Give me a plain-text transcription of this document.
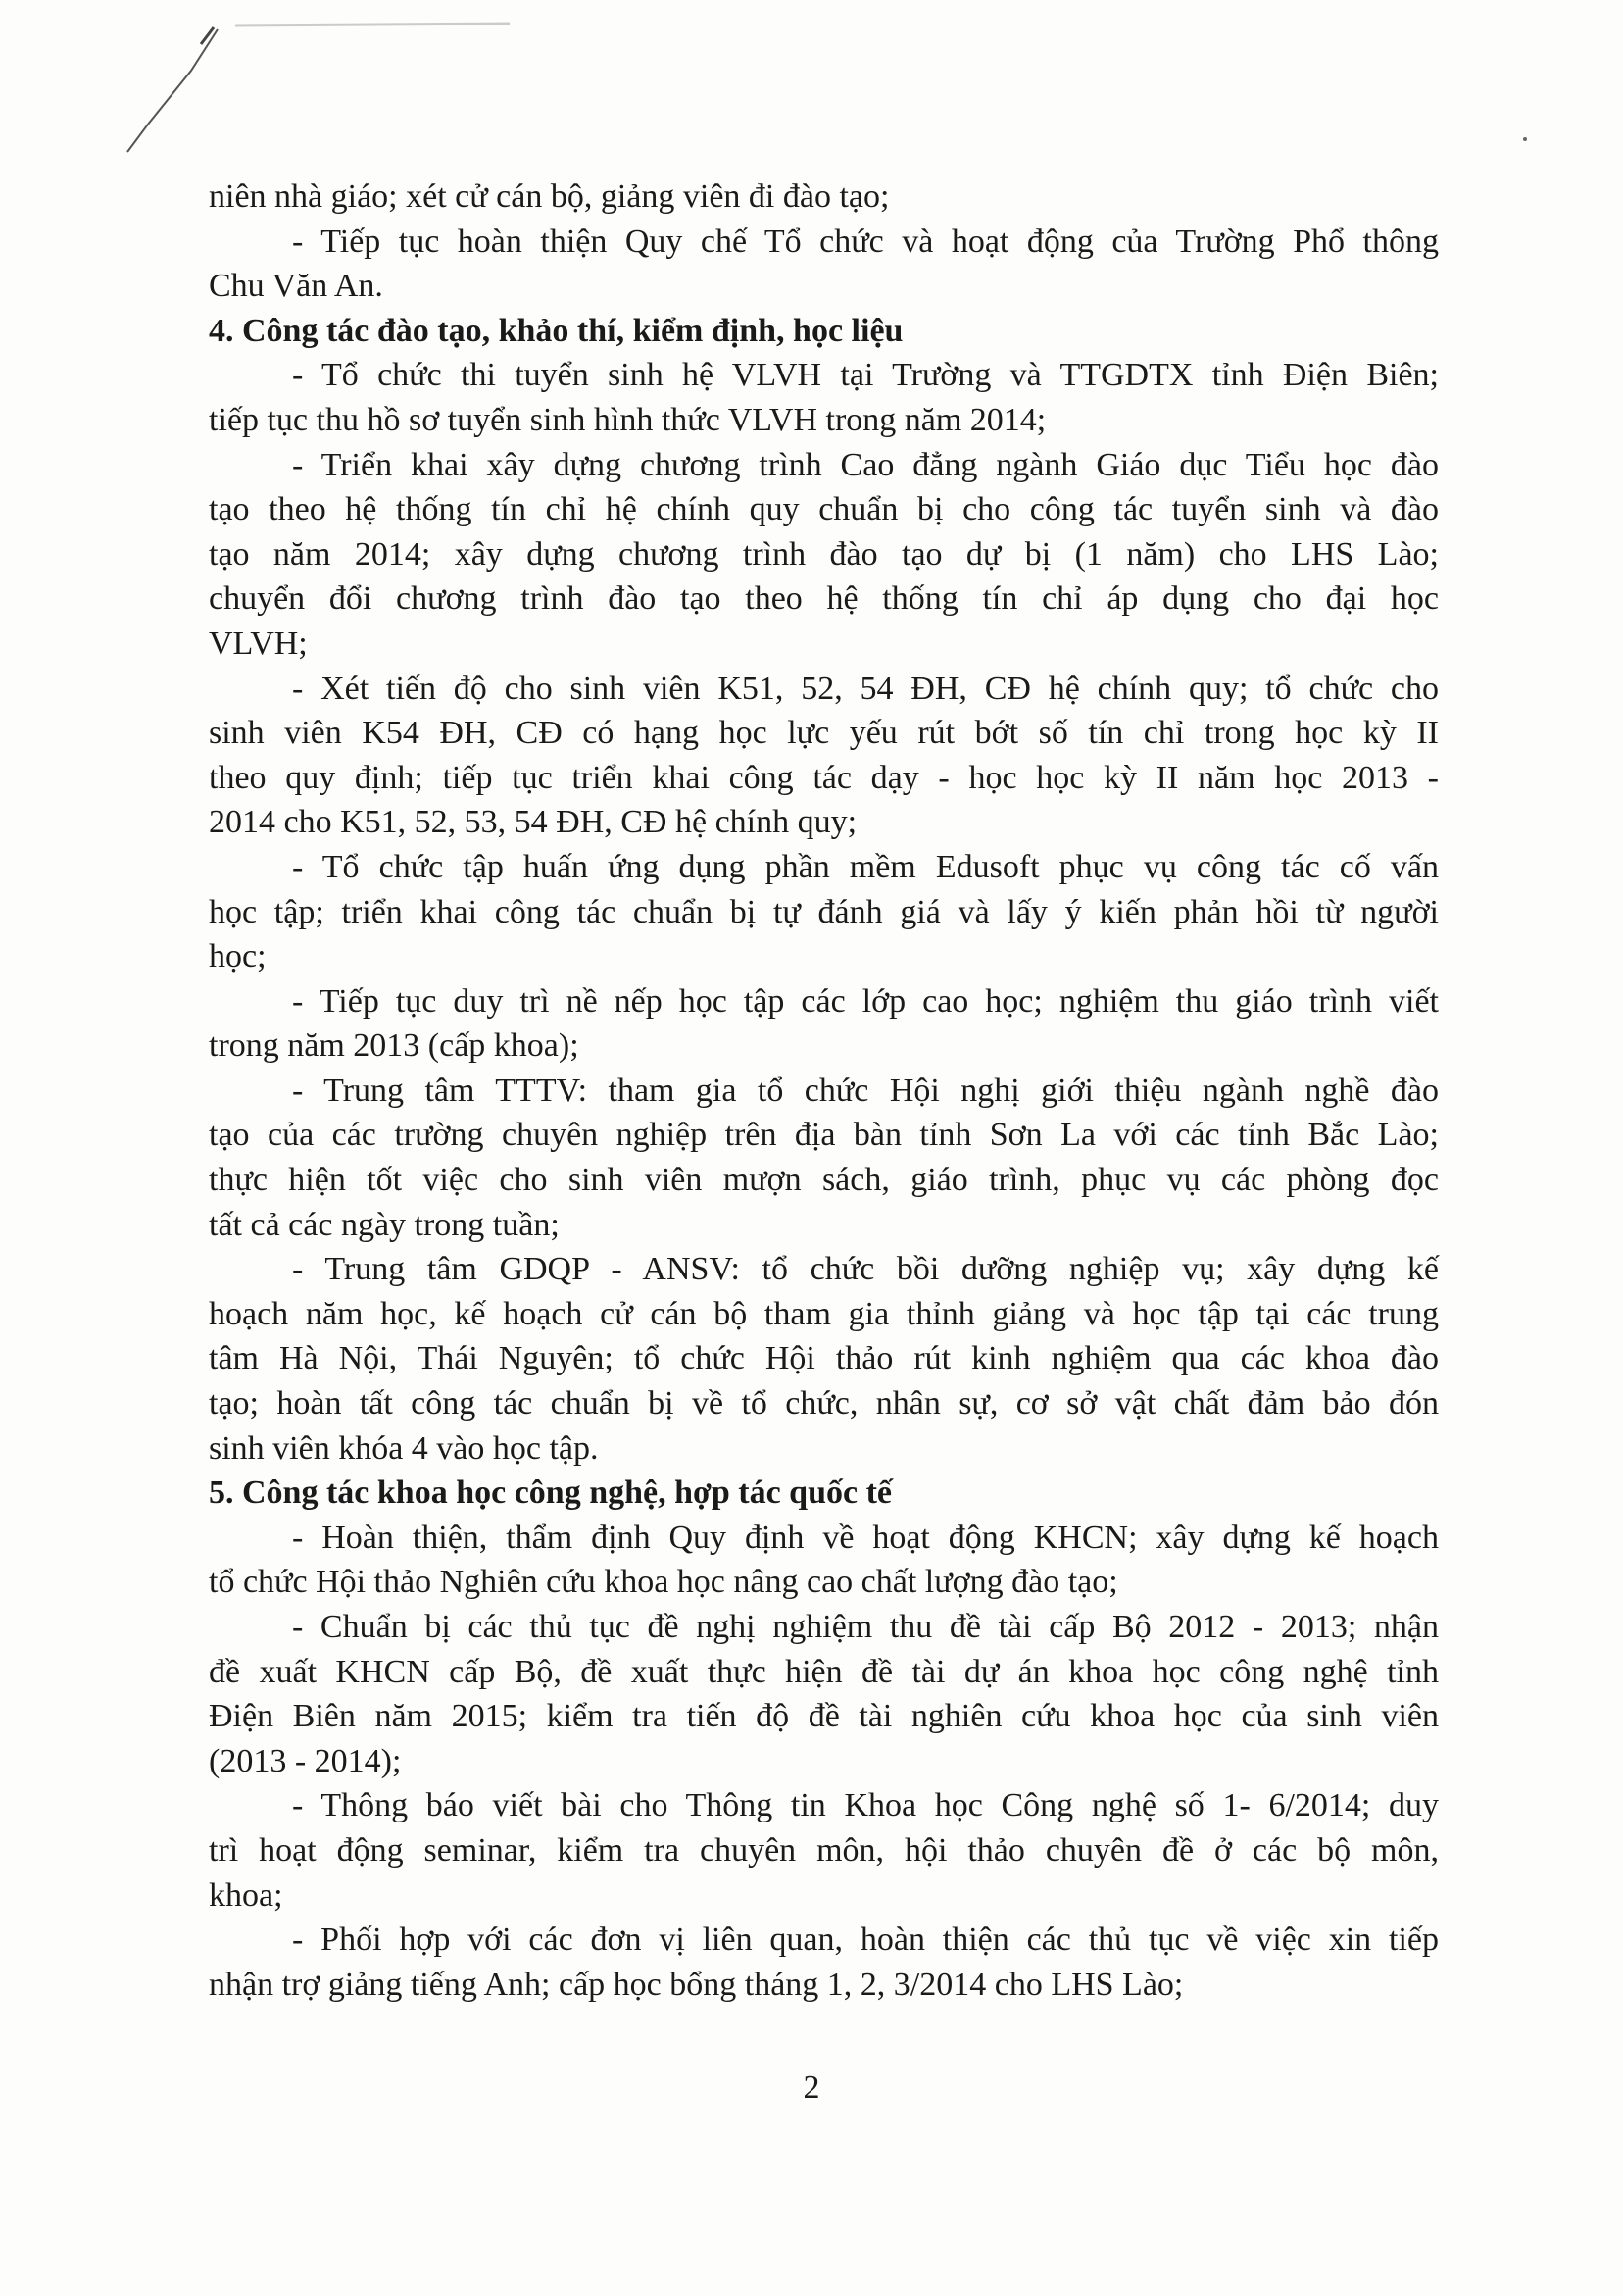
niên nhà giáo; xét cử cán bộ, giảng viên đi đào tạo;
- Tiếp tục hoàn thiện Quy chế Tổ chức và hoạt động của Trường Phổ thông
Chu Văn An.
4. Công tác đào tạo, khảo thí, kiểm định, học liệu
- Tổ chức thi tuyển sinh hệ VLVH tại Trường và TTGDTX tỉnh Điện Biên;
tiếp tục thu hồ sơ tuyển sinh hình thức VLVH trong năm 2014;
- Triển khai xây dựng chương trình Cao đẳng ngành Giáo dục Tiểu học đào
tạo theo hệ thống tín chỉ hệ chính quy chuẩn bị cho công tác tuyển sinh và đào
tạo năm 2014; xây dựng chương trình đào tạo dự bị (1 năm) cho LHS Lào;
chuyển đổi chương trình đào tạo theo hệ thống tín chỉ áp dụng cho đại học
VLVH;
- Xét tiến độ cho sinh viên K51, 52, 54 ĐH, CĐ hệ chính quy; tổ chức cho
sinh viên K54 ĐH, CĐ có hạng học lực yếu rút bớt số tín chỉ trong học kỳ II
theo quy định; tiếp tục triển khai công tác dạy - học học kỳ II năm học 2013 -
2014 cho K51, 52, 53, 54 ĐH, CĐ hệ chính quy;
- Tổ chức tập huấn ứng dụng phần mềm Edusoft phục vụ công tác cố vấn
học tập; triển khai công tác chuẩn bị tự đánh giá và lấy ý kiến phản hồi từ người
học;
- Tiếp tục duy trì nề nếp học tập các lớp cao học; nghiệm thu giáo trình viết
trong năm 2013 (cấp khoa);
- Trung tâm TTTV: tham gia tổ chức Hội nghị giới thiệu ngành nghề đào
tạo của các trường chuyên nghiệp trên địa bàn tỉnh Sơn La với các tỉnh Bắc Lào;
thực hiện tốt việc cho sinh viên mượn sách, giáo trình, phục vụ các phòng đọc
tất cả các ngày trong tuần;
- Trung tâm GDQP - ANSV: tổ chức bồi dưỡng nghiệp vụ; xây dựng kế
hoạch năm học, kế hoạch cử cán bộ tham gia thỉnh giảng và học tập tại các trung
tâm Hà Nội, Thái Nguyên; tổ chức Hội thảo rút kinh nghiệm qua các khoa đào
tạo; hoàn tất công tác chuẩn bị về tổ chức, nhân sự, cơ sở vật chất đảm bảo đón
sinh viên khóa 4 vào học tập.
5. Công tác khoa học công nghệ, hợp tác quốc tế
- Hoàn thiện, thẩm định Quy định về hoạt động KHCN; xây dựng kế hoạch
tổ chức Hội thảo Nghiên cứu khoa học nâng cao chất lượng đào tạo;
- Chuẩn bị các thủ tục đề nghị nghiệm thu đề tài cấp Bộ 2012 - 2013; nhận
đề xuất KHCN cấp Bộ, đề xuất thực hiện đề tài dự án khoa học công nghệ tỉnh
Điện Biên năm 2015; kiểm tra tiến độ đề tài nghiên cứu khoa học của sinh viên
(2013 - 2014);
- Thông báo viết bài cho Thông tin Khoa học Công nghệ số 1- 6/2014; duy
trì hoạt động seminar, kiểm tra chuyên môn, hội thảo chuyên đề ở các bộ môn,
khoa;
- Phối hợp với các đơn vị liên quan, hoàn thiện các thủ tục về việc xin tiếp
nhận trợ giảng tiếng Anh; cấp học bổng tháng 1, 2, 3/2014 cho LHS Lào;
2
